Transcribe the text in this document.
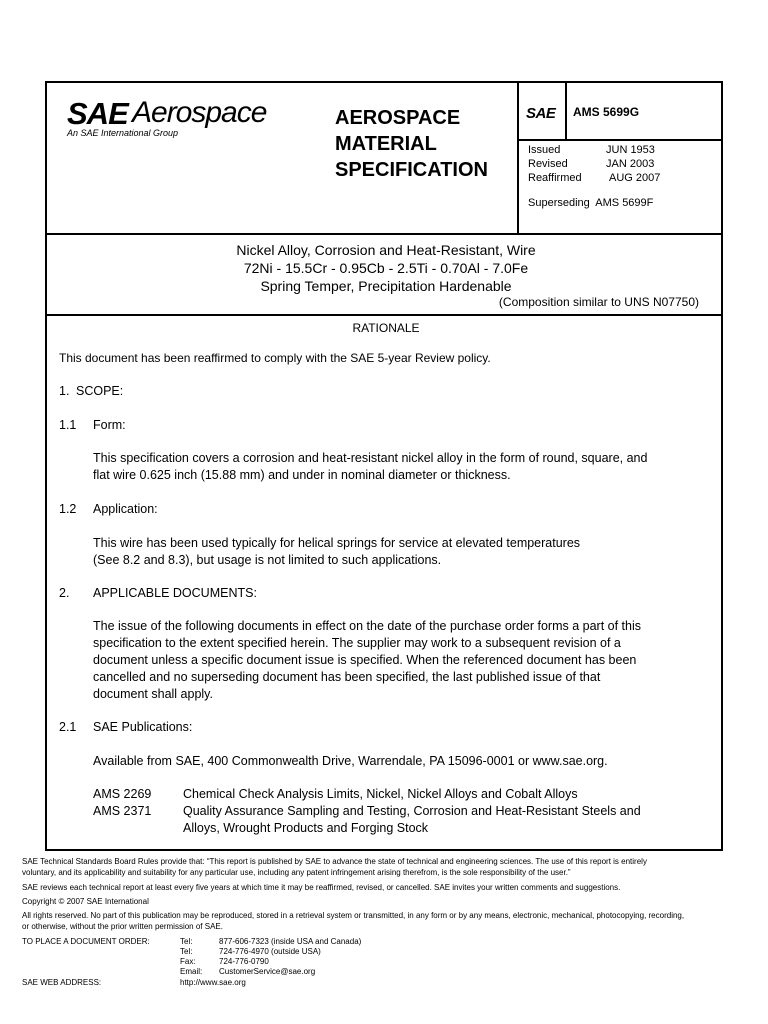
SAE Aerospace
An SAE International Group
AEROSPACE
MATERIAL
SPECIFICATION
SAE AMS 5699G
Issued	JUN 1953
Revised	JAN 2003
Reaffirmed AUG 2007
Superseding AMS 5699F
Nickel Alloy, Corrosion and Heat-Resistant, Wire
72Ni - 15.5Cr - 0.95Cb - 2.5Ti - 0.70Al - 7.0Fe
Spring Temper, Precipitation Hardenable
(Composition similar to UNS N07750)
RATIONALE
This document has been reaffirmed to comply with the SAE 5-year Review policy.
1. SCOPE:
1.1 Form:
This specification covers a corrosion and heat-resistant nickel alloy in the form of round, square, and
flat wire 0.625 inch (15.88 mm) and under in nominal diameter or thickness.
1.2 Application:
This wire has been used typically for helical springs for service at elevated temperatures
(See 8.2 and 8.3), but usage is not limited to such applications.
2. APPLICABLE DOCUMENTS:
The issue of the following documents in effect on the date of the purchase order forms a part of this
specification to the extent specified herein. The supplier may work to a subsequent revision of a
document unless a specific document issue is specified. When the referenced document has been
cancelled and no superseding document has been specified, the last published issue of that
document shall apply.
2.1 SAE Publications:
Available from SAE, 400 Commonwealth Drive, Warrendale, PA 15096-0001 or www.sae.org.
AMS 2269	Chemical Check Analysis Limits, Nickel, Nickel Alloys and Cobalt Alloys
AMS 2371	Quality Assurance Sampling and Testing, Corrosion and Heat-Resistant Steels and
Alloys, Wrought Products and Forging Stock
SAE Technical Standards Board Rules provide that: “This report is published by SAE to advance the state of technical and engineering sciences. The use of this report is entirely
voluntary, and its applicability and suitability for any particular use, including any patent infringement arising therefrom, is the sole responsibility of the user.”
SAE reviews each technical report at least every five years at which time it may be reaffirmed, revised, or cancelled. SAE invites your written comments and suggestions.
Copyright © 2007 SAE International
All rights reserved. No part of this publication may be reproduced, stored in a retrieval system or transmitted, in any form or by any means, electronic, mechanical, photocopying, recording,
or otherwise, without the prior written permission of SAE.
TO PLACE A DOCUMENT ORDER:	Tel:	877-606-7323 (inside USA and Canada)
Tel:	724-776-4970 (outside USA)
Fax:	724-776-0790
Email: CustomerService@sae.org
SAE WEB ADDRESS:	http://www.sae.org
